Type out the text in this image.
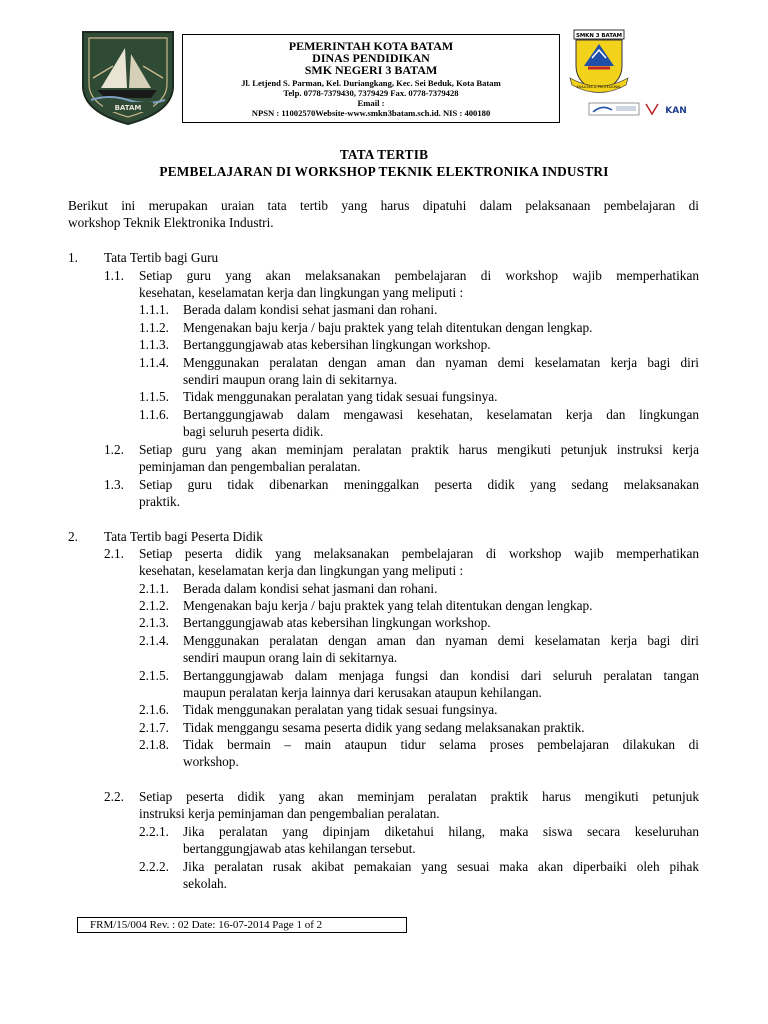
BATAM
PEMERINTAH KOTA BATAM
DINAS PENDIDIKAN
SMK NEGERI 3 BATAM
Jl. Letjend S. Parman, Kel. Duriangkang, Kec. Sei Beduk, Kota Batam
Telp. 0778-7379430, 7379429 Fax. 0778-7379428
Email :
NPSN : 11002570Website-www.smkn3batam.sch.id. NIS : 400180
SMKN 3 BATAM
KUALITAS & PROFESIONAL
KAN
TATA TERTIB
PEMBELAJARAN DI WORKSHOP TEKNIK ELEKTRONIKA INDUSTRI
Berikut ini merupakan uraian tata tertib yang harus dipatuhi dalam pelaksanaan pembelajaran di
workshop Teknik Elektronika Industri.
1. Tata Tertib bagi Guru
1.1. Setiap guru yang akan melaksanakan pembelajaran di workshop wajib memperhatikan
kesehatan, keselamatan kerja dan lingkungan yang meliputi :
1.1.1. Berada dalam kondisi sehat jasmani dan rohani.
1.1.2. Mengenakan baju kerja / baju praktek yang telah ditentukan dengan lengkap.
1.1.3. Bertanggungjawab atas kebersihan lingkungan workshop.
1.1.4. Menggunakan peralatan dengan aman dan nyaman demi keselamatan kerja bagi diri
sendiri maupun orang lain di sekitarnya.
1.1.5. Tidak menggunakan peralatan yang tidak sesuai fungsinya.
1.1.6. Bertanggungjawab dalam mengawasi kesehatan, keselamatan kerja dan lingkungan
bagi seluruh peserta didik.
1.2. Setiap guru yang akan meminjam peralatan praktik harus mengikuti petunjuk instruksi kerja
peminjaman dan pengembalian peralatan.
1.3. Setiap guru tidak dibenarkan meninggalkan peserta didik yang sedang melaksanakan
praktik.
2. Tata Tertib bagi Peserta Didik
2.1. Setiap peserta didik yang melaksanakan pembelajaran di workshop wajib memperhatikan
kesehatan, keselamatan kerja dan lingkungan yang meliputi :
2.1.1. Berada dalam kondisi sehat jasmani dan rohani.
2.1.2. Mengenakan baju kerja / baju praktek yang telah ditentukan dengan lengkap.
2.1.3. Bertanggungjawab atas kebersihan lingkungan workshop.
2.1.4. Menggunakan peralatan dengan aman dan nyaman demi keselamatan kerja bagi diri
sendiri maupun orang lain di sekitarnya.
2.1.5. Bertanggungjawab dalam menjaga fungsi dan kondisi dari seluruh peralatan tangan
maupun peralatan kerja lainnya dari kerusakan ataupun kehilangan.
2.1.6. Tidak menggunakan peralatan yang tidak sesuai fungsinya.
2.1.7. Tidak menggangu sesama peserta didik yang sedang melaksanakan praktik.
2.1.8. Tidak bermain – main ataupun tidur selama proses pembelajaran dilakukan di
workshop.
2.2. Setiap peserta didik yang akan meminjam peralatan praktik harus mengikuti petunjuk
instruksi kerja peminjaman dan pengembalian peralatan.
2.2.1. Jika peralatan yang dipinjam diketahui hilang, maka siswa secara keseluruhan
bertanggungjawab atas kehilangan tersebut.
2.2.2. Jika peralatan rusak akibat pemakaian yang sesuai maka akan diperbaiki oleh pihak
sekolah.
FRM/15/004 Rev. : 02 Date: 16-07-2014 Page 1 of 2
